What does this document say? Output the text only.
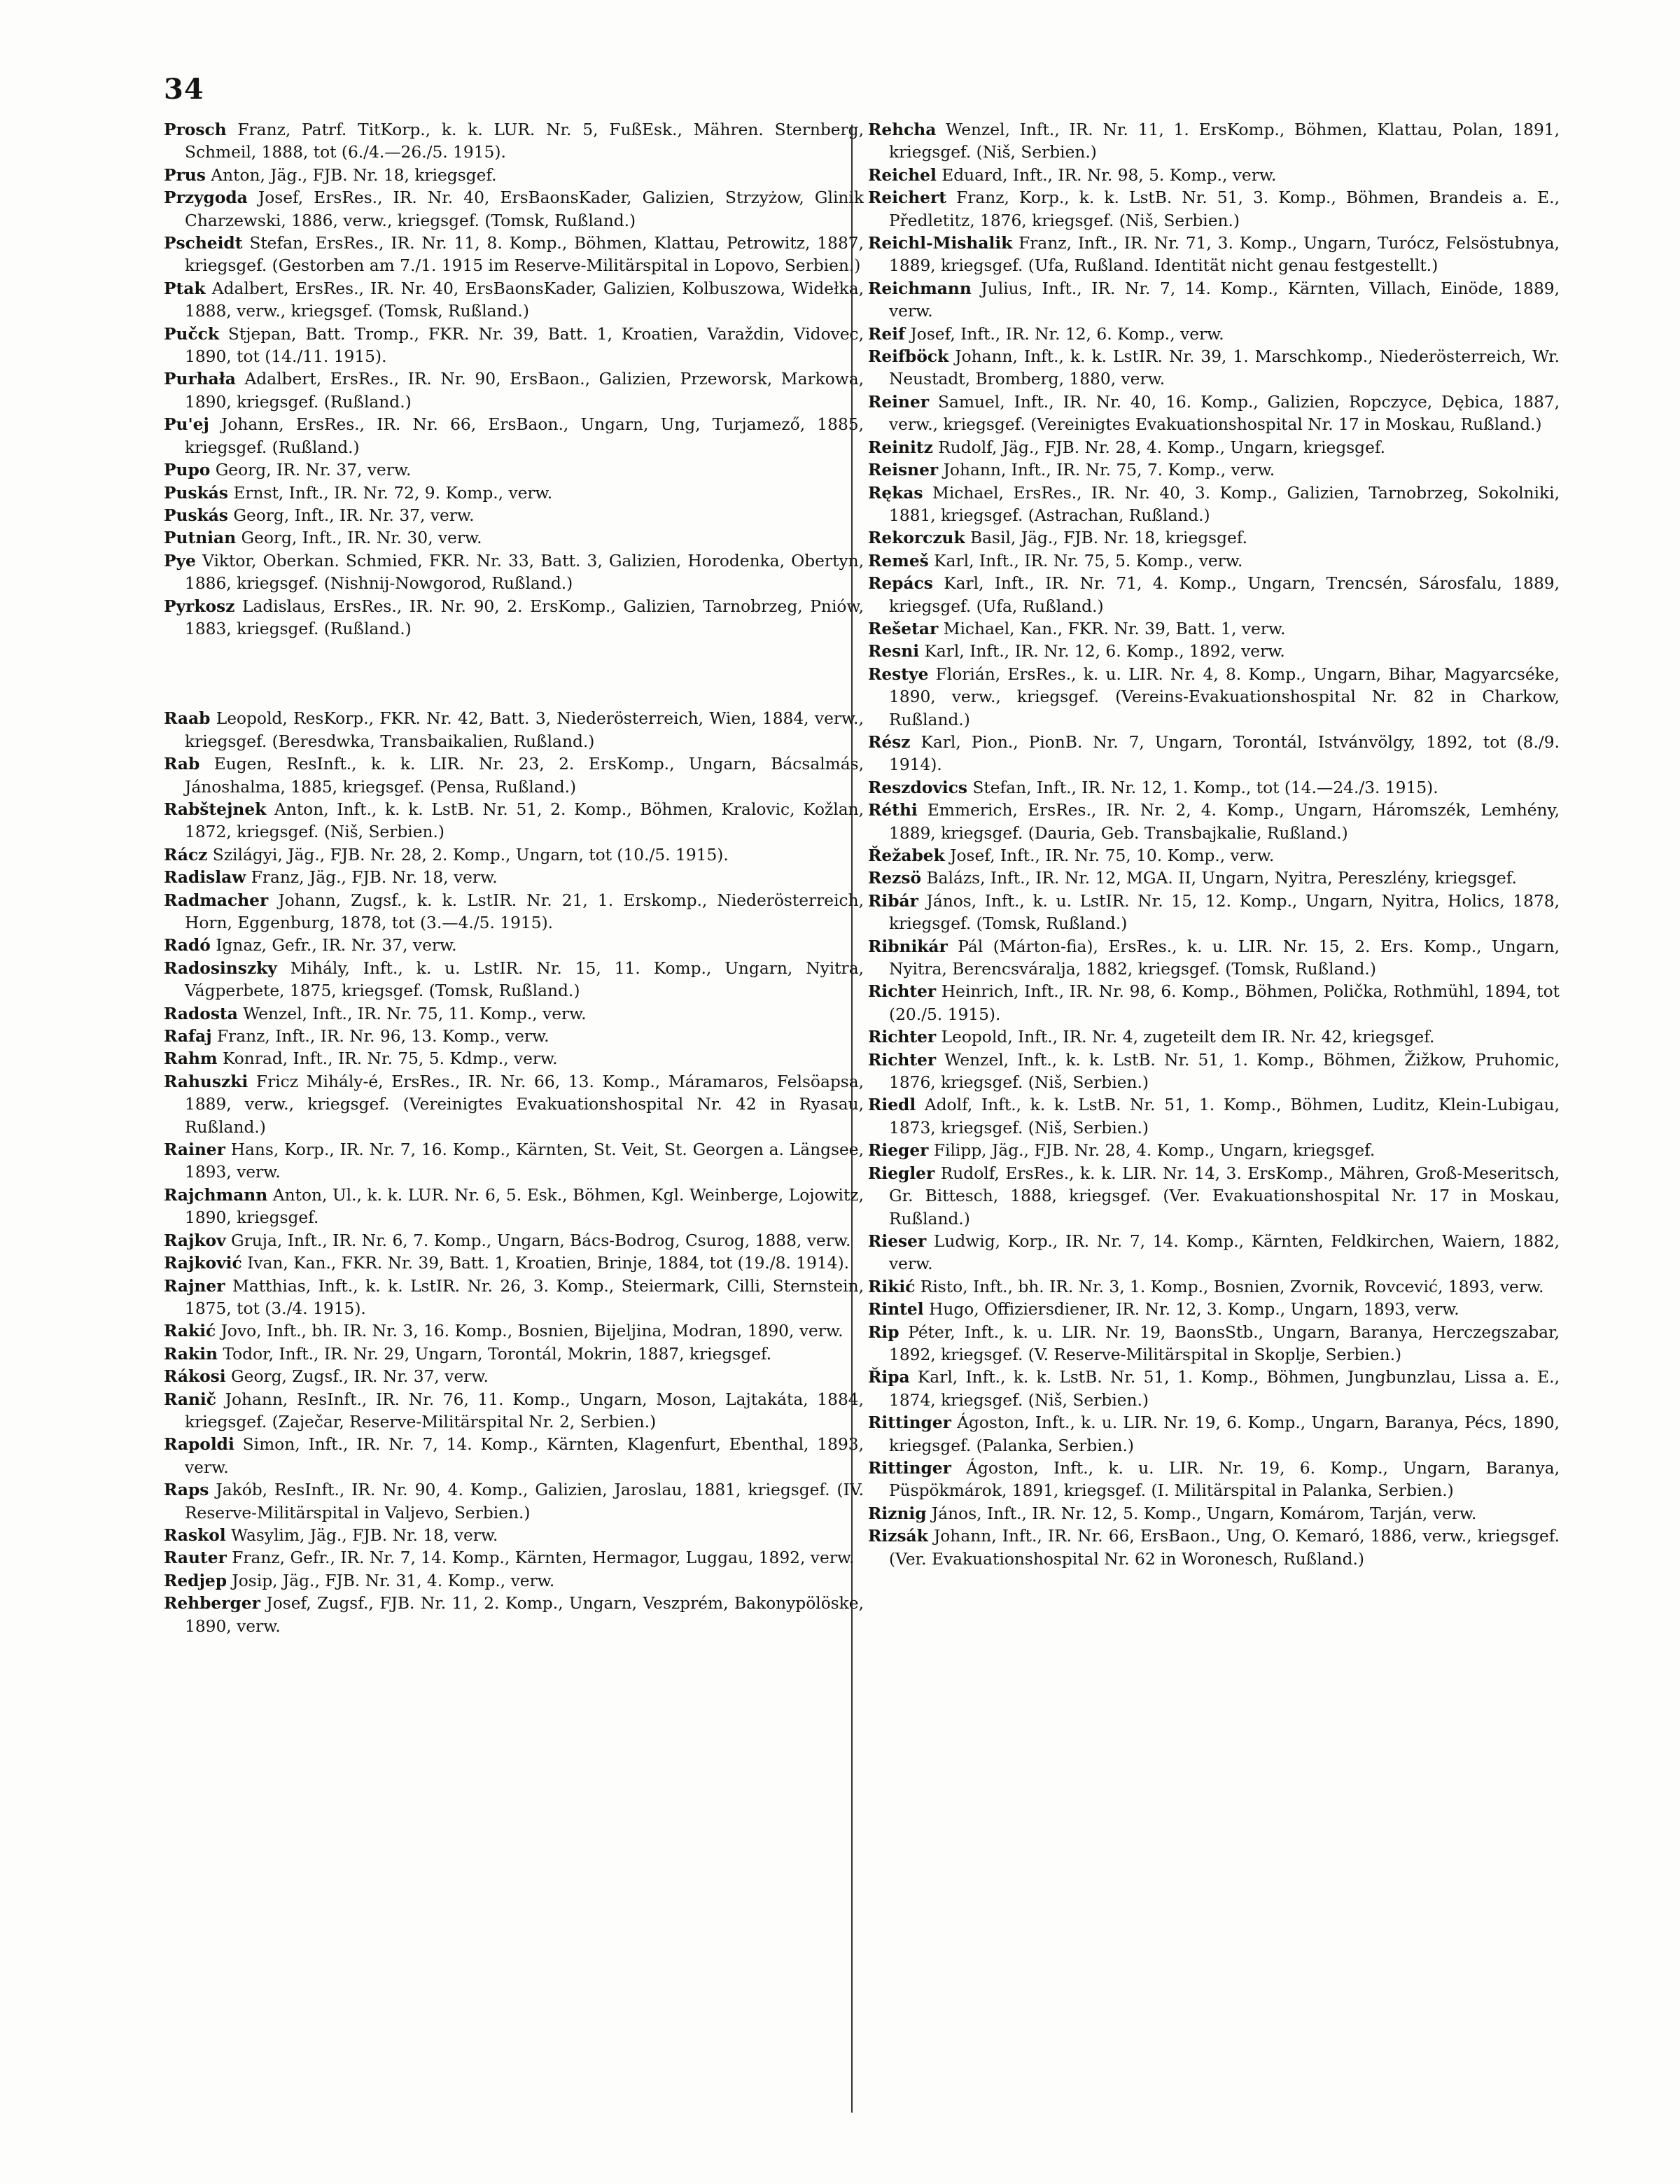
34

Prosch Franz, Patrf. TitKorp., k. k. LUR. Nr. 5, FußEsk., Mähren. Sternberg, Schmeil, 1888, tot (6./4.—26./5. 1915).

Prus Anton, Jäg., FJB. Nr. 18, kriegsgef.

Przygoda Josef, ErsRes., IR. Nr. 40, ErsBaonsKader, Galizien, Strzyżow, Glinik Charzewski, 1886, verw., kriegsgef. (Tomsk, Rußland.)

Pscheidt Stefan, ErsRes., IR. Nr. 11, 8. Komp., Böhmen, Klattau, Petrowitz, 1887, kriegsgef. (Gestorben am 7./1. 1915 im Reserve-Militärspital in Lopovo, Serbien.)

Ptak Adalbert, ErsRes., IR. Nr. 40, ErsBaonsKader, Galizien, Kolbuszowa, Widełka, 1888, verw., kriegsgef. (Tomsk, Rußland.)

Pučck Stjepan, Batt. Tromp., FKR. Nr. 39, Batt. 1, Kroatien, Varaždin, Vidovec, 1890, tot (14./11. 1915).

Purhała Adalbert, ErsRes., IR. Nr. 90, ErsBaon., Galizien, Przeworsk, Markowa, 1890, kriegsgef. (Rußland.)

Pu'ej Johann, ErsRes., IR. Nr. 66, ErsBaon., Ungarn, Ung, Turjamező, 1885, kriegsgef. (Rußland.)

Pupo Georg, IR. Nr. 37, verw.

Puskás Ernst, Inft., IR. Nr. 72, 9. Komp., verw.

Puskás Georg, Inft., IR. Nr. 37, verw.

Putnian Georg, Inft., IR. Nr. 30, verw.

Pye Viktor, Oberkan. Schmied, FKR. Nr. 33, Batt. 3, Galizien, Horodenka, Obertyn, 1886, kriegsgef. (Nishnij-Nowgorod, Rußland.)

Pyrkosz Ladislaus, ErsRes., IR. Nr. 90, 2. ErsKomp., Galizien, Tarnobrzeg, Pniów, 1883, kriegsgef. (Rußland.)

Raab Leopold, ResKorp., FKR. Nr. 42, Batt. 3, Niederösterreich, Wien, 1884, verw., kriegsgef. (Beresdwka, Transbaikalien, Rußland.)

Rab Eugen, ResInft., k. k. LIR. Nr. 23, 2. ErsKomp., Ungarn, Bácsalmás, Jánoshalma, 1885, kriegsgef. (Pensa, Rußland.)

Rabštejnek Anton, Inft., k. k. LstB. Nr. 51, 2. Komp., Böhmen, Kralovic, Kožlan, 1872, kriegsgef. (Niš, Serbien.)

Rácz Szilágyi, Jäg., FJB. Nr. 28, 2. Komp., Ungarn, tot (10./5. 1915).

Radislaw Franz, Jäg., FJB. Nr. 18, verw.

Radmacher Johann, Zugsf., k. k. LstIR. Nr. 21, 1. Erskomp., Niederösterreich, Horn, Eggenburg, 1878, tot (3.—4./5. 1915).

Radó Ignaz, Gefr., IR. Nr. 37, verw.

Radosinszky Mihály, Inft., k. u. LstIR. Nr. 15, 11. Komp., Ungarn, Nyitra, Vágperbete, 1875, kriegsgef. (Tomsk, Rußland.)

Radosta Wenzel, Inft., IR. Nr. 75, 11. Komp., verw.

Rafaj Franz, Inft., IR. Nr. 96, 13. Komp., verw.

Rahm Konrad, Inft., IR. Nr. 75, 5. Kdmp., verw.

Rahuszki Fricz Mihály-é, ErsRes., IR. Nr. 66, 13. Komp., Máramaros, Felsöapsa, 1889, verw., kriegsgef. (Vereinigtes Evakuationshospital Nr. 42 in Ryasau, Rußland.)

Rainer Hans, Korp., IR. Nr. 7, 16. Komp., Kärnten, St. Veit, St. Georgen a. Längsee, 1893, verw.

Rajchmann Anton, Ul., k. k. LUR. Nr. 6, 5. Esk., Böhmen, Kgl. Weinberge, Lojowitz, 1890, kriegsgef.

Rajkov Gruja, Inft., IR. Nr. 6, 7. Komp., Ungarn, Bács-Bodrog, Csurog, 1888, verw.

Rajković Ivan, Kan., FKR. Nr. 39, Batt. 1, Kroatien, Brinje, 1884, tot (19./8. 1914).

Rajner Matthias, Inft., k. k. LstIR. Nr. 26, 3. Komp., Steiermark, Cilli, Sternstein, 1875, tot (3./4. 1915).

Rakić Jovo, Inft., bh. IR. Nr. 3, 16. Komp., Bosnien, Bijeljina, Modran, 1890, verw.

Rakin Todor, Inft., IR. Nr. 29, Ungarn, Torontál, Mokrin, 1887, kriegsgef.

Rákosi Georg, Zugsf., IR. Nr. 37, verw.

Ranič Johann, ResInft., IR. Nr. 76, 11. Komp., Ungarn, Moson, Lajtakáta, 1884, kriegsgef. (Zaječar, Reserve-Militärspital Nr. 2, Serbien.)

Rapoldi Simon, Inft., IR. Nr. 7, 14. Komp., Kärnten, Klagenfurt, Ebenthal, 1893, verw.

Raps Jakób, ResInft., IR. Nr. 90, 4. Komp., Galizien, Jaroslau, 1881, kriegsgef. (IV. Reserve-Militärspital in Valjevo, Serbien.)

Raskol Wasylim, Jäg., FJB. Nr. 18, verw.

Rauter Franz, Gefr., IR. Nr. 7, 14. Komp., Kärnten, Hermagor, Luggau, 1892, verw.

Redjep Josip, Jäg., FJB. Nr. 31, 4. Komp., verw.

Rehberger Josef, Zugsf., FJB. Nr. 11, 2. Komp., Ungarn, Veszprém, Bakonypölöske, 1890, verw.

Rehcha Wenzel, Inft., IR. Nr. 11, 1. ErsKomp., Böhmen, Klattau, Polan, 1891, kriegsgef. (Niš, Serbien.)

Reichel Eduard, Inft., IR. Nr. 98, 5. Komp., verw.

Reichert Franz, Korp., k. k. LstB. Nr. 51, 3. Komp., Böhmen, Brandeis a. E., Předletitz, 1876, kriegsgef. (Niš, Serbien.)

Reichl-Mishalik Franz, Inft., IR. Nr. 71, 3. Komp., Ungarn, Turócz, Felsöstubnya, 1889, kriegsgef. (Ufa, Rußland. Identität nicht genau festgestellt.)

Reichmann Julius, Inft., IR. Nr. 7, 14. Komp., Kärnten, Villach, Einöde, 1889, verw.

Reif Josef, Inft., IR. Nr. 12, 6. Komp., verw.

Reifböck Johann, Inft., k. k. LstIR. Nr. 39, 1. Marschkomp., Niederösterreich, Wr. Neustadt, Bromberg, 1880, verw.

Reiner Samuel, Inft., IR. Nr. 40, 16. Komp., Galizien, Ropczyce, Dębica, 1887, verw., kriegsgef. (Vereinigtes Evakuationshospital Nr. 17 in Moskau, Rußland.)

Reinitz Rudolf, Jäg., FJB. Nr. 28, 4. Komp., Ungarn, kriegsgef.

Reisner Johann, Inft., IR. Nr. 75, 7. Komp., verw.

Rękas Michael, ErsRes., IR. Nr. 40, 3. Komp., Galizien, Tarnobrzeg, Sokolniki, 1881, kriegsgef. (Astrachan, Rußland.)

Rekorczuk Basil, Jäg., FJB. Nr. 18, kriegsgef.

Remeš Karl, Inft., IR. Nr. 75, 5. Komp., verw.

Repács Karl, Inft., IR. Nr. 71, 4. Komp., Ungarn, Trencsén, Sárosfalu, 1889, kriegsgef. (Ufa, Rußland.)

Rešetar Michael, Kan., FKR. Nr. 39, Batt. 1, verw.

Resni Karl, Inft., IR. Nr. 12, 6. Komp., 1892, verw.

Restye Florián, ErsRes., k. u. LIR. Nr. 4, 8. Komp., Ungarn, Bihar, Magyarcséke, 1890, verw., kriegsgef. (Vereins-Evakuationshospital Nr. 82 in Charkow, Rußland.)

Rész Karl, Pion., PionB. Nr. 7, Ungarn, Torontál, Istvánvölgy, 1892, tot (8./9. 1914).

Reszdovics Stefan, Inft., IR. Nr. 12, 1. Komp., tot (14.—24./3. 1915).

Réthi Emmerich, ErsRes., IR. Nr. 2, 4. Komp., Ungarn, Háromszék, Lemhény, 1889, kriegsgef. (Dauria, Geb. Transbajkalie, Rußland.)

Řežabek Josef, Inft., IR. Nr. 75, 10. Komp., verw.

Rezsö Balázs, Inft., IR. Nr. 12, MGA. II, Ungarn, Nyitra, Pereszlény, kriegsgef.

Ribár János, Inft., k. u. LstIR. Nr. 15, 12. Komp., Ungarn, Nyitra, Holics, 1878, kriegsgef. (Tomsk, Rußland.)

Ribnikár Pál (Márton-fia), ErsRes., k. u. LIR. Nr. 15, 2. Ers. Komp., Ungarn, Nyitra, Berencsváralja, 1882, kriegsgef. (Tomsk, Rußland.)

Richter Heinrich, Inft., IR. Nr. 98, 6. Komp., Böhmen, Polička, Rothmühl, 1894, tot (20./5. 1915).

Richter Leopold, Inft., IR. Nr. 4, zugeteilt dem IR. Nr. 42, kriegsgef.

Richter Wenzel, Inft., k. k. LstB. Nr. 51, 1. Komp., Böhmen, Žižkow, Pruhomic, 1876, kriegsgef. (Niš, Serbien.)

Riedl Adolf, Inft., k. k. LstB. Nr. 51, 1. Komp., Böhmen, Luditz, Klein-Lubigau, 1873, kriegsgef. (Niš, Serbien.)

Rieger Filipp, Jäg., FJB. Nr. 28, 4. Komp., Ungarn, kriegsgef.

Riegler Rudolf, ErsRes., k. k. LIR. Nr. 14, 3. ErsKomp., Mähren, Groß-Meseritsch, Gr. Bittesch, 1888, kriegsgef. (Ver. Evakuationshospital Nr. 17 in Moskau, Rußland.)

Rieser Ludwig, Korp., IR. Nr. 7, 14. Komp., Kärnten, Feldkirchen, Waiern, 1882, verw.

Rikić Risto, Inft., bh. IR. Nr. 3, 1. Komp., Bosnien, Zvornik, Rovcević, 1893, verw.

Rintel Hugo, Offiziersdiener, IR. Nr. 12, 3. Komp., Ungarn, 1893, verw.

Rip Péter, Inft., k. u. LIR. Nr. 19, BaonsStb., Ungarn, Baranya, Herczegszabar, 1892, kriegsgef. (V. Reserve-Militärspital in Skoplje, Serbien.)

Řipa Karl, Inft., k. k. LstB. Nr. 51, 1. Komp., Böhmen, Jungbunzlau, Lissa a. E., 1874, kriegsgef. (Niš, Serbien.)

Rittinger Ágoston, Inft., k. u. LIR. Nr. 19, 6. Komp., Ungarn, Baranya, Pécs, 1890, kriegsgef. (Palanka, Serbien.)

Rittinger Ágoston, Inft., k. u. LIR. Nr. 19, 6. Komp., Ungarn, Baranya, Püspökmárok, 1891, kriegsgef. (I. Militärspital in Palanka, Serbien.)

Riznig János, Inft., IR. Nr. 12, 5. Komp., Ungarn, Komárom, Tarján, verw.

Rizsák Johann, Inft., IR. Nr. 66, ErsBaon., Ung, O. Kemaró, 1886, verw., kriegsgef. (Ver. Evakuationshospital Nr. 62 in Woronesch, Rußland.)
